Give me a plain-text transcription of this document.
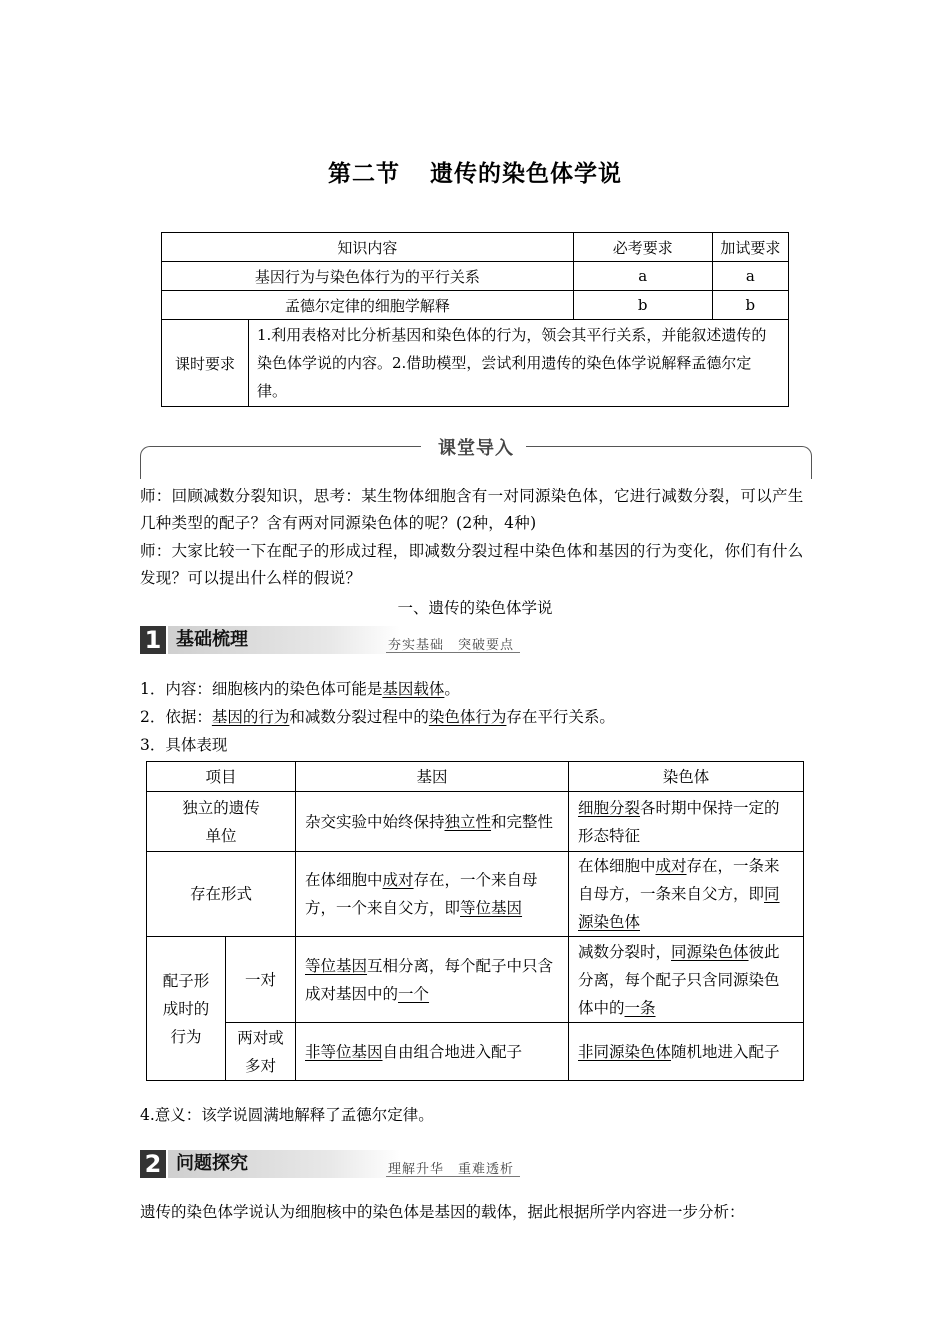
第二节 遗传的染色体学说
知识内容		必考要求	加试要求
基因行为与染色体行为的平行关系		a	a
孟德尔定律的细胞学解释		b	b
课时要求	1.利用表格对比分析基因和染色体的行为，领会其平行关系，并能叙述遗传的染色体学说的内容。2.借助模型，尝试利用遗传的染色体学说解释孟德尔定律。		
课堂导入
师：回顾减数分裂知识，思考：某生物体细胞含有一对同源染色体，它进行减数分裂，可以产生几种类型的配子？含有两对同源染色体的呢？(2种，4种)
师：大家比较一下在配子的形成过程，即减数分裂过程中染色体和基因的行为变化，你们有什么发现？可以提出什么样的假说？
一、遗传的染色体学说
1 基础梳理	夯实基础　突破要点
1．内容：细胞核内的染色体可能是基因载体。
2．依据：基因的行为和减数分裂过程中的染色体行为存在平行关系。
3．具体表现
项目		基因	染色体
独立的遗传单位		杂交实验中始终保持独立性和完整性	细胞分裂各时期中保持一定的形态特征
存在形式		在体细胞中成对存在，一个来自母方，一个来自父方，即等位基因	在体细胞中成对存在，一条来自母方，一条来自父方，即同源染色体
配子形成时的行为	一对	等位基因互相分离，每个配子中只含成对基因中的一个	减数分裂时，同源染色体彼此分离，每个配子只含同源染色体中的一条
	两对或多对	非等位基因自由组合地进入配子	非同源染色体随机地进入配子
4.意义：该学说圆满地解释了孟德尔定律。
2 问题探究	理解升华　重难透析
遗传的染色体学说认为细胞核中的染色体是基因的载体，据此根据所学内容进一步分析：
